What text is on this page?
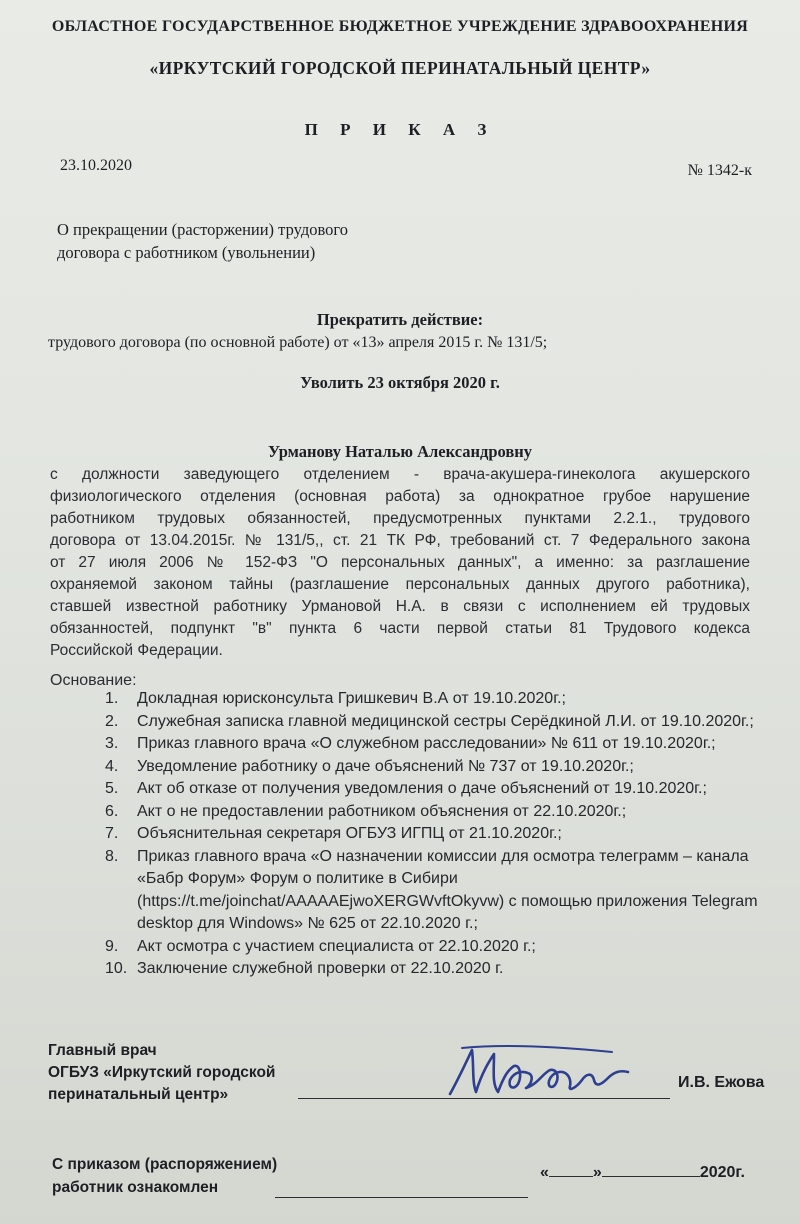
ОБЛАСТНОЕ ГОСУДАРСТВЕННОЕ БЮДЖЕТНОЕ УЧРЕЖДЕНИЕ ЗДРАВООХРАНЕНИЯ
«ИРКУТСКИЙ ГОРОДСКОЙ ПЕРИНАТАЛЬНЫЙ ЦЕНТР»
П Р И К А З
23.10.2020	№ 1342-к
О прекращении (расторжении) трудового
договора с работником (увольнении)
Прекратить действие:
трудового договора (по основной работе) от «13» апреля 2015 г. № 131/5;
Уволить 23 октября 2020 г.
Урманову Наталью Александровну
с должности заведующего отделением - врача-акушера-гинеколога акушерского
физиологического отделения (основная работа) за однократное грубое нарушение
работником трудовых обязанностей, предусмотренных пунктами 2.2.1., трудового
договора от 13.04.2015г. № 131/5,, ст. 21 ТК РФ, требований ст. 7 Федерального закона
от 27 июля 2006 № 152-ФЗ "О персональных данных", а именно: за разглашение
охраняемой законом тайны (разглашение персональных данных другого работника),
ставшей известной работнику Урмановой Н.А. в связи с исполнением ей трудовых
обязанностей, подпункт "в" пункта 6 части первой статьи 81 Трудового кодекса
Российской Федерации.
Основание:
1. Докладная юрисконсульта Гришкевич В.А от 19.10.2020г.;
2. Служебная записка главной медицинской сестры Серёдкиной Л.И. от 19.10.2020г.;
3. Приказ главного врача «О служебном расследовании» № 611 от 19.10.2020г.;
4. Уведомление работнику о даче объяснений № 737 от 19.10.2020г.;
5. Акт об отказе от получения уведомления о даче объяснений от 19.10.2020г.;
6. Акт о не предоставлении работником объяснения от 22.10.2020г.;
7. Объяснительная секретаря ОГБУЗ ИГПЦ от 21.10.2020г.;
8. Приказ главного врача «О назначении комиссии для осмотра телеграмм – канала «Бабр Форум» Форум о политике в Сибири (https://t.me/joinchat/AAAAAEjwoXERGWvftOkyvw) с помощью приложения Telegram desktop для Windows» № 625 от 22.10.2020 г.;
9. Акт осмотра с участием специалиста от 22.10.2020 г.;
10. Заключение служебной проверки от 22.10.2020 г.
Главный врач
ОГБУЗ «Иркутский городской
перинатальный центр»
И.В. Ежова
С приказом (распоряжением)
работник ознакомлен
«	»	2020г.
